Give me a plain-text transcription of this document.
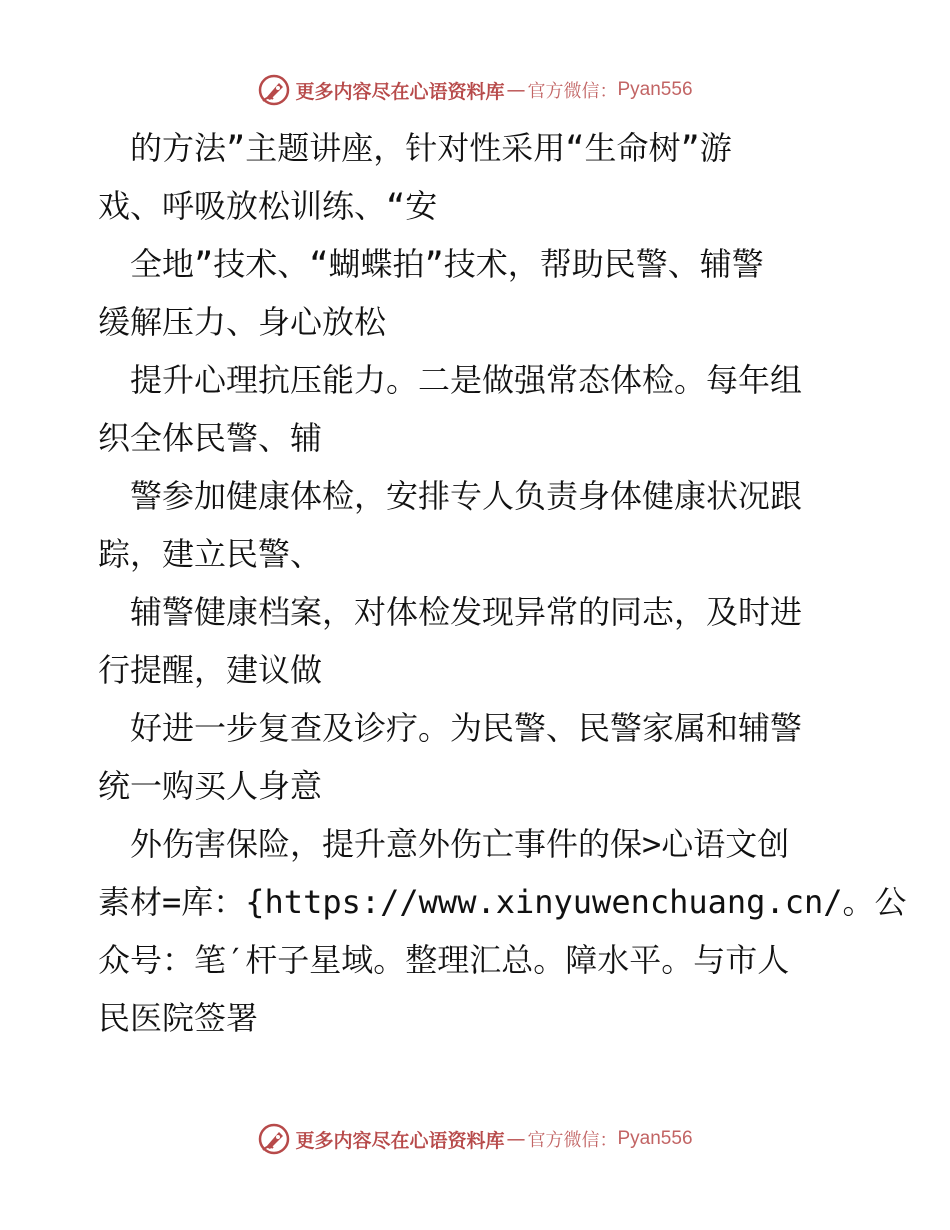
更多内容尽在心语资料库 — 官方微信： Pyan556
　的方法”主题讲座，针对性采用“生命树”游
戏、呼吸放松训练、“安
　全地”技术、“蝴蝶拍”技术，帮助民警、辅警
缓解压力、身心放松
　提升心理抗压能力。二是做强常态体检。每年组
织全体民警、辅
　警参加健康体检，安排专人负责身体健康状况跟
踪，建立民警、
　辅警健康档案，对体检发现异常的同志，及时进
行提醒，建议做
　好进一步复查及诊疗。为民警、民警家属和辅警
统一购买人身意
　外伤害保险，提升意外伤亡事件的保>心语文创
素材=库：{https://www.xinyuwenchuang.cn/。公
众号：笔′杆子星域。整理汇总。障水平。与市人
民医院签署
更多内容尽在心语资料库 — 官方微信： Pyan556
